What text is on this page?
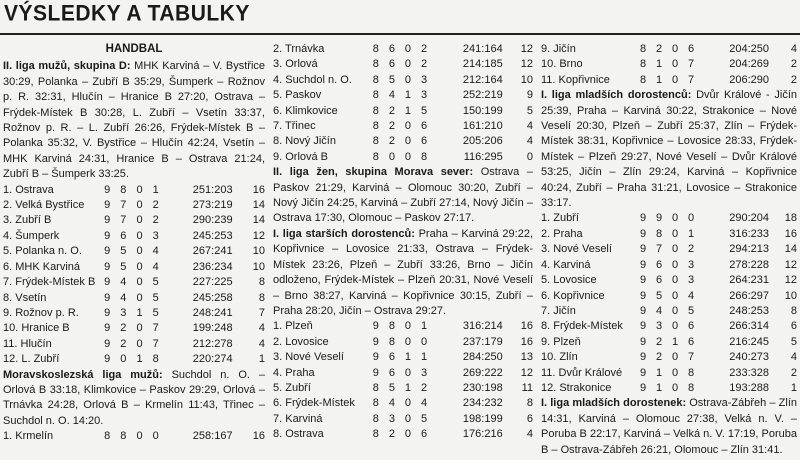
VÝSLEDKY A TABULKY
HANDBAL

II. liga mužů, skupina D: MHK Karviná – V. Bystřice 30:29, Polanka – Zubří B 35:29, Šumperk – Rožnov p. R. 32:31, Hlučín – Hranice B 27:20, Ostrava – Frýdek-Místek B 30:28, L. Zubří – Vsetín 33:37, Rožnov p. R. – L. Zubří 26:26, Frýdek-Místek B – Polanka 35:32, V. Bystřice – Hlučín 42:24, Vsetín – MHK Karviná 24:31, Hranice B – Ostrava 21:24, Zubří B – Šumperk 33:25.

1. Ostrava	9	8	0	1	251:203	16
2. Velká Bystřice	9	7	0	2	273:219	14
3. Zubří B	9	7	0	2	290:239	14
4. Šumperk	9	6	0	3	245:253	12
5. Polanka n. O.	9	5	0	4	267:241	10
6. MHK Karviná	9	5	0	4	236:234	10
7. Frýdek-Místek B	9	4	0	5	227:225	8
8. Vsetín	9	4	0	5	245:258	8
9. Rožnov p. R.	9	3	1	5	248:241	7
10. Hranice B	9	2	0	7	199:248	4
11. Hlučín	9	2	0	7	212:278	4
12. L. Zubří	9	0	1	8	220:274	1

Moravskoslezská liga mužů: Suchdol n. O. – Orlová B 33:18, Klimkovice – Paskov 29:29, Orlová – Trnávka 24:28, Orlová B – Krmelín 11:43, Třinec – Suchdol n. O. 14:20.

1. Krmelín	8	8	0	0	258:167	16
2. Trnávka	8	6	0	2	241:164	12
3. Orlová	8	6	0	2	214:185	12
4. Suchdol n. O.	8	5	0	3	212:164	10
5. Paskov	8	4	1	3	252:219	9
6. Klimkovice	8	2	1	5	150:199	5
7. Třinec	8	2	0	6	161:210	4
8. Nový Jičín	8	2	0	6	205:206	4
9. Orlová B	8	0	0	8	116:295	0

II. liga žen, skupina Morava sever: Ostrava – Paskov 21:29, Karviná – Olomouc 30:20, Zubří – Nový Jičín 24:25, Karviná – Zubří 27:14, Nový Jičín – Ostrava 17:30, Olomouc – Paskov 27:17.

I. liga starších dorostenců: Praha – Karviná 29:22, Kopřivnice – Lovosice 21:33, Ostrava – Frýdek-Místek 23:26, Plzeň – Zubří 33:26, Brno – Jičín odloženo, Frýdek-Místek – Plzeň 20:31, Nové Veselí – Brno 38:27, Karviná – Kopřivnice 30:15, Zubří – Praha 28:20, Jičín – Ostrava 29:27.

1. Plzeň	9	8	0	1	316:214	16
2. Lovosice	9	8	0	0	237:179	16
3. Nové Veselí	9	6	1	1	284:250	13
4. Praha	9	6	0	3	269:222	12
5. Zubří	8	5	1	2	230:198	11
6. Frýdek-Místek	8	4	0	4	234:232	8
7. Karviná	8	3	0	5	198:199	6
8. Ostrava	8	2	0	6	176:216	4
9. Jičín	8	2	0	6	204:250	4
10. Brno	8	1	0	7	204:269	2
11. Kopřivnice	8	1	0	7	206:290	2

I. liga mladších dorostenců: Dvůr Králové - Jičín 25:39, Praha – Karviná 30:22, Strakonice – Nové Veselí 20:30, Plzeň – Zubří 25:37, Zlín – Frýdek-Místek 38:31, Kopřivnice – Lovosice 28:33, Frýdek-Místek – Plzeň 29:27, Nové Veselí – Dvůr Králové 53:25, Jičín – Zlín 29:24, Karviná – Kopřivnice 40:24, Zubří – Praha 31:21, Lovosice – Strakonice 33:17.

1. Zubří	9	9	0	0	290:204	18
2. Praha	9	8	0	1	316:233	16
3. Nové Veselí	9	7	0	2	294:213	14
4. Karviná	9	6	0	3	278:228	12
5. Lovosice	9	6	0	3	264:231	12
6. Kopřivnice	9	5	0	4	266:297	10
7. Jičín	9	4	0	5	248:253	8
8. Frýdek-Místek	9	3	0	6	266:314	6
9. Plzeň	9	2	1	6	216:245	5
10. Zlín	9	2	0	7	240:273	4
11. Dvůr Králové	9	1	0	8	233:328	2
12. Strakonice	9	1	0	8	193:288	1

I. liga mladších dorostenek: Ostrava-Zábřeh – Zlín 14:31, Karviná – Olomouc 27:38, Velká n. V. – Poruba B 22:17, Karviná – Velká n. V. 17:19, Poruba B – Ostrava-Zábřeh 26:21, Olomouc – Zlín 31:41.
